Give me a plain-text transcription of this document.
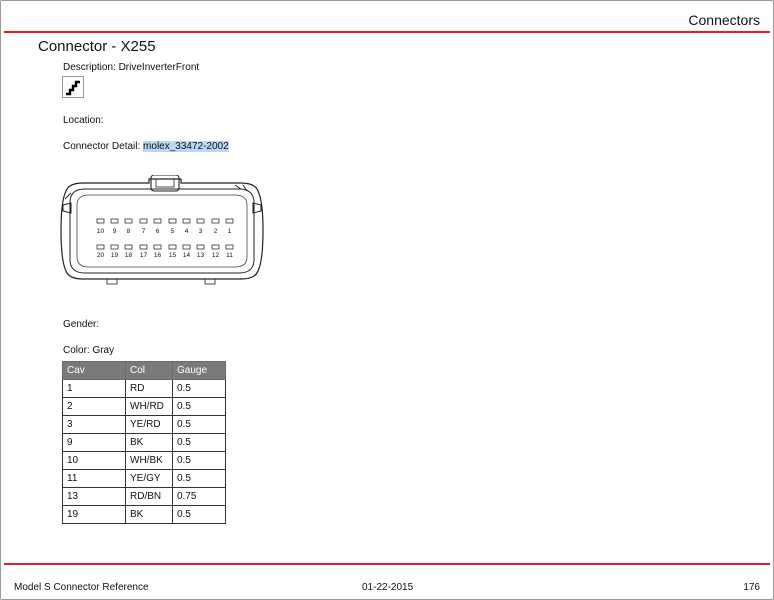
Connectors
Connector - X255
Description: DriveInverterFront
Location:
Connector Detail: molex_33472-2002
10 9 8 7 6 5 4 3 2 1
20 19 18 17 16 15 14 13 12 11
Gender:
Color: Gray
Cav	Col	Gauge
1	RD	0.5
2	WH/RD	0.5
3	YE/RD	0.5
9	BK	0.5
10	WH/BK	0.5
11	YE/GY	0.5
13	RD/BN	0.75
19	BK	0.5
Model S Connector Reference	01-22-2015	176
